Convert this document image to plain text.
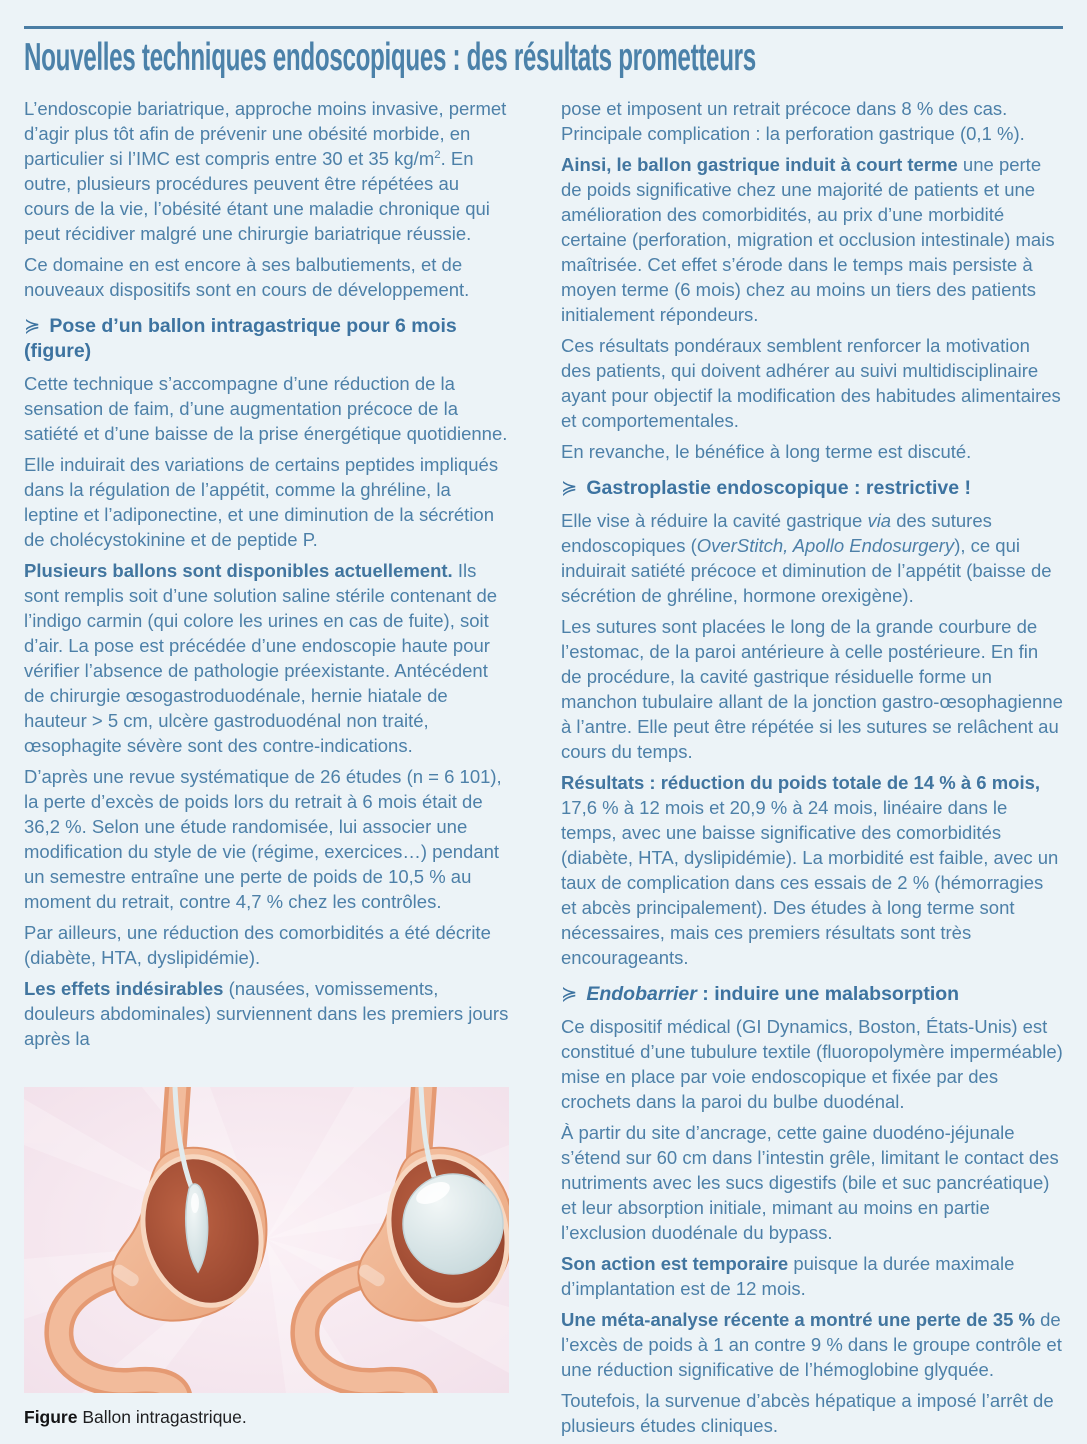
Nouvelles techniques endoscopiques : des résultats prometteurs

L’endoscopie bariatrique, approche moins invasive, permet d’agir plus tôt afin de prévenir une obésité morbide, en particulier si l’IMC est compris entre 30 et 35 $kg/m^2$. En outre, plusieurs procédures peuvent être répétées au cours de la vie, l’obésité étant une maladie chronique qui peut récidiver malgré une chirurgie bariatrique réussie.

Ce domaine en est encore à ses balbutiements, et de nouveaux dispositifs sont en cours de développement.

≽ Pose d’un ballon intragastrique pour 6 mois (figure)

Cette technique s’accompagne d’une réduction de la sensation de faim, d’une augmentation précoce de la satiété et d’une baisse de la prise énergétique quotidienne.

Elle induirait des variations de certains peptides impliqués dans la régulation de l’appétit, comme la ghréline, la leptine et l’adiponectine, et une diminution de la sécrétion de cholécystokinine et de peptide P.

Plusieurs ballons sont disponibles actuellement. Ils sont remplis soit d’une solution saline stérile contenant de l’indigo carmin (qui colore les urines en cas de fuite), soit d’air. La pose est précédée d’une endoscopie haute pour vérifier l’absence de pathologie préexistante. Antécédent de chirurgie œsogastroduodénale, hernie hiatale de hauteur > 5 cm, ulcère gastroduodénal non traité, œsophagite sévère sont des contre-indications.

D’après une revue systématique de 26 études (n = 6 101), la perte d’excès de poids lors du retrait à 6 mois était de 36,2 %. Selon une étude randomisée, lui associer une modification du style de vie (régime, exercices…) pendant un semestre entraîne une perte de poids de 10,5 % au moment du retrait, contre 4,7 % chez les contrôles.

Par ailleurs, une réduction des comorbidités a été décrite (diabète, HTA, dyslipidémie).

Les effets indésirables (nausées, vomissements, douleurs abdominales) surviennent dans les premiers jours après la

Figure Ballon intragastrique.

pose et imposent un retrait précoce dans 8 % des cas. Principale complication : la perforation gastrique (0,1 %).

Ainsi, le ballon gastrique induit à court terme une perte de poids significative chez une majorité de patients et une amélioration des comorbidités, au prix d’une morbidité certaine (perforation, migration et occlusion intestinale) mais maîtrisée. Cet effet s’érode dans le temps mais persiste à moyen terme (6 mois) chez au moins un tiers des patients initialement répondeurs.

Ces résultats pondéraux semblent renforcer la motivation des patients, qui doivent adhérer au suivi multidisciplinaire ayant pour objectif la modification des habitudes alimentaires et comportementales.

En revanche, le bénéfice à long terme est discuté.

≽ Gastroplastie endoscopique : restrictive !

Elle vise à réduire la cavité gastrique via des sutures endoscopiques (OverStitch, Apollo Endosurgery), ce qui induirait satiété précoce et diminution de l’appétit (baisse de sécrétion de ghréline, hormone orexigène).

Les sutures sont placées le long de la grande courbure de l’estomac, de la paroi antérieure à celle postérieure. En fin de procédure, la cavité gastrique résiduelle forme un manchon tubulaire allant de la jonction gastro-œsophagienne à l’antre. Elle peut être répétée si les sutures se relâchent au cours du temps.

Résultats : réduction du poids totale de 14 % à 6 mois, 17,6 % à 12 mois et 20,9 % à 24 mois, linéaire dans le temps, avec une baisse significative des comorbidités (diabète, HTA, dyslipidémie). La morbidité est faible, avec un taux de complication dans ces essais de 2 % (hémorragies et abcès principalement). Des études à long terme sont nécessaires, mais ces premiers résultats sont très encourageants.

≽ Endobarrier : induire une malabsorption

Ce dispositif médical (GI Dynamics, Boston, États-Unis) est constitué d’une tubulure textile (fluoropolymère imperméable) mise en place par voie endoscopique et fixée par des crochets dans la paroi du bulbe duodénal.

À partir du site d’ancrage, cette gaine duodéno-jéjunale s’étend sur 60 cm dans l’intestin grêle, limitant le contact des nutriments avec les sucs digestifs (bile et suc pancréatique) et leur absorption initiale, mimant au moins en partie l’exclusion duodénale du bypass.

Son action est temporaire puisque la durée maximale d’implantation est de 12 mois.

Une méta-analyse récente a montré une perte de 35 % de l’excès de poids à 1 an contre 9 % dans le groupe contrôle et une réduction significative de l’hémoglobine glyquée.

Toutefois, la survenue d’abcès hépatique a imposé l’arrêt de plusieurs études cliniques.
